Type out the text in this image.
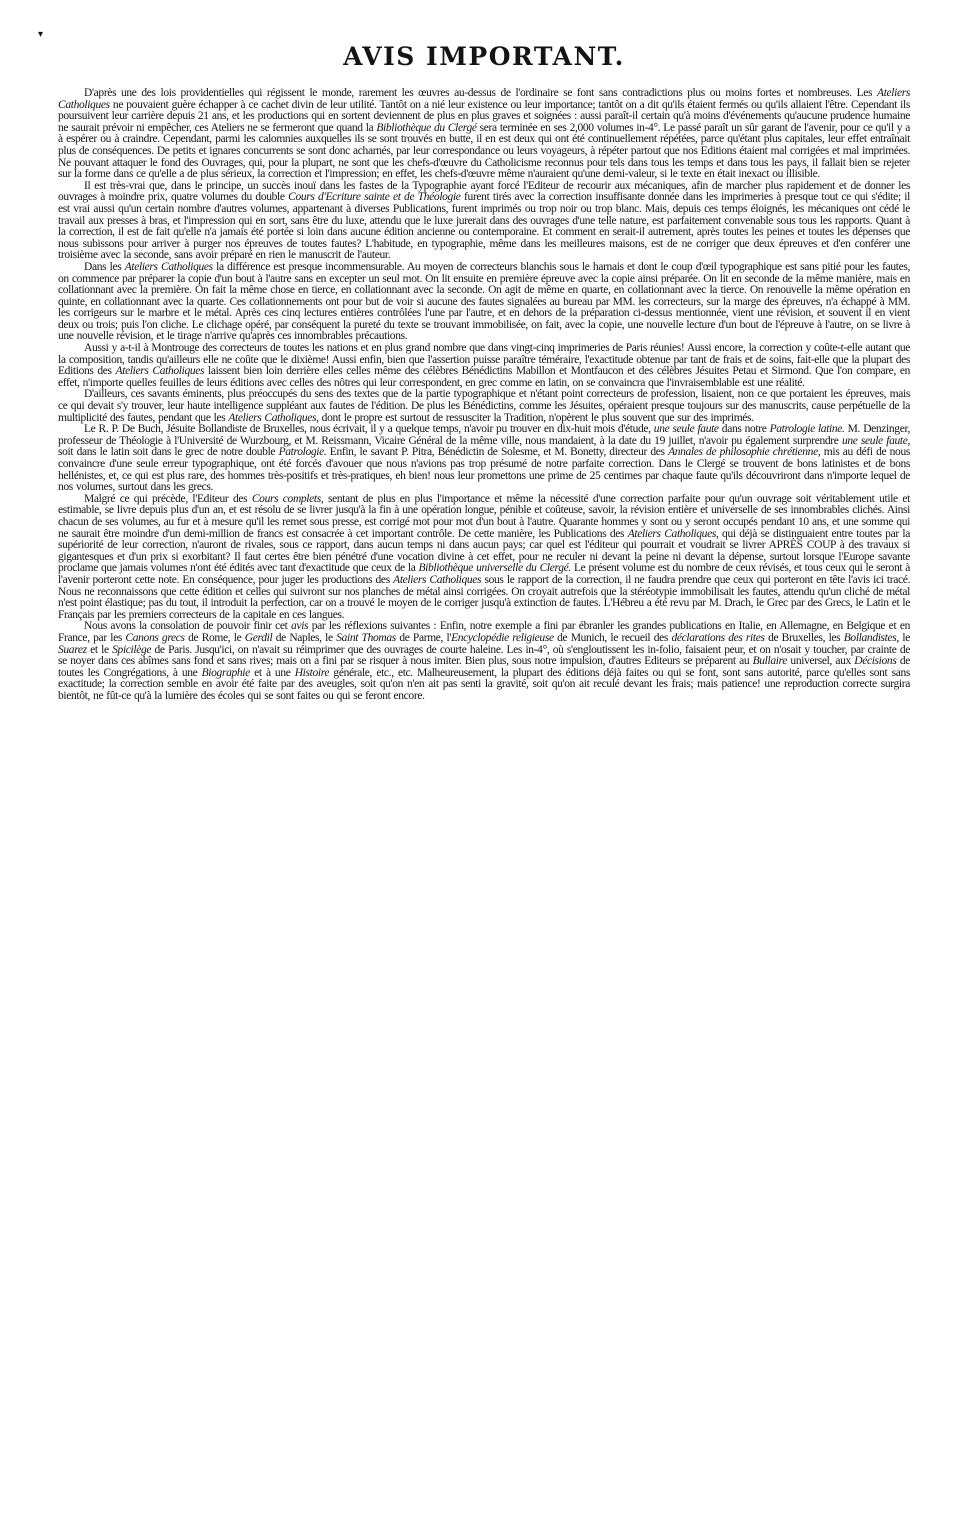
▾
AVIS IMPORTANT.

D'après une des lois providentielles qui régissent le monde, rarement les œuvres au-dessus de l'ordinaire se font sans contradictions plus ou moins fortes et nombreuses. Les Ateliers Catholiques ne pouvaient guère échapper à ce cachet divin de leur utilité. Tantôt on a nié leur existence ou leur importance; tantôt on a dit qu'ils étaient fermés ou qu'ils allaient l'être. Cependant ils poursuivent leur carrière depuis 21 ans, et les productions qui en sortent deviennent de plus en plus graves et soignées : aussi paraît-il certain qu'à moins d'événements qu'aucune prudence humaine ne saurait prévoir ni empêcher, ces Ateliers ne se fermeront que quand la Bibliothèque du Clergé sera terminée en ses 2,000 volumes in-4°. Le passé paraît un sûr garant de l'avenir, pour ce qu'il y a à espérer ou à craindre. Cependant, parmi les calomnies auxquelles ils se sont trouvés en butte, il en est deux qui ont été continuellement répétées, parce qu'étant plus capitales, leur effet entraînait plus de conséquences. De petits et ignares concurrents se sont donc acharnés, par leur correspondance ou leurs voyageurs, à répéter partout que nos Editions étaient mal corrigées et mal imprimées. Ne pouvant attaquer le fond des Ouvrages, qui, pour la plupart, ne sont que les chefs-d'œuvre du Catholicisme reconnus pour tels dans tous les temps et dans tous les pays, il fallait bien se rejeter sur la forme dans ce qu'elle a de plus sérieux, la correction et l'impression; en effet, les chefs-d'œuvre même n'auraient qu'une demi-valeur, si le texte en était inexact ou illisible.

Il est très-vrai que, dans le principe, un succès inouï dans les fastes de la Typographie ayant forcé l'Editeur de recourir aux mécaniques, afin de marcher plus rapidement et de donner les ouvrages à moindre prix, quatre volumes du double Cours d'Ecriture sainte et de Théologie furent tirés avec la correction insuffisante donnée dans les imprimeries à presque tout ce qui s'édite; il est vrai aussi qu'un certain nombre d'autres volumes, appartenant à diverses Publications, furent imprimés ou trop noir ou trop blanc. Mais, depuis ces temps éloignés, les mécaniques ont cédé le travail aux presses à bras, et l'impression qui en sort, sans être du luxe, attendu que le luxe jurerait dans des ouvrages d'une telle nature, est parfaitement convenable sous tous les rapports. Quant à la correction, il est de fait qu'elle n'a jamais été portée si loin dans aucune édition ancienne ou contemporaine. Et comment en serait-il autrement, après toutes les peines et toutes les dépenses que nous subissons pour arriver à purger nos épreuves de toutes fautes? L'habitude, en typographie, même dans les meilleures maisons, est de ne corriger que deux épreuves et d'en conférer une troisième avec la seconde, sans avoir préparé en rien le manuscrit de l'auteur.

Dans les Ateliers Catholiques la différence est presque incommensurable. Au moyen de correcteurs blanchis sous le harnais et dont le coup d'œil typographique est sans pitié pour les fautes, on commence par préparer la copie d'un bout à l'autre sans en excepter un seul mot. On lit ensuite en première épreuve avec la copie ainsi préparée. On lit en seconde de la même manière, mais en collationnant avec la première. On fait la même chose en tierce, en collationnant avec la seconde. On agit de même en quarte, en collationnant avec la tierce. On renouvelle la même opération en quinte, en collationnant avec la quarte. Ces collationnements ont pour but de voir si aucune des fautes signalées au bureau par MM. les correcteurs, sur la marge des épreuves, n'a échappé à MM. les corrigeurs sur le marbre et le métal. Après ces cinq lectures entières contrôlées l'une par l'autre, et en dehors de la préparation ci-dessus mentionnée, vient une révision, et souvent il en vient deux ou trois; puis l'on cliche. Le clichage opéré, par conséquent la pureté du texte se trouvant immobilisée, on fait, avec la copie, une nouvelle lecture d'un bout de l'épreuve à l'autre, on se livre à une nouvelle révision, et le tirage n'arrive qu'après ces innombrables précautions.

Aussi y a-t-il à Montrouge des correcteurs de toutes les nations et en plus grand nombre que dans vingt-cinq imprimeries de Paris réunies! Aussi encore, la correction y coûte-t-elle autant que la composition, tandis qu'ailleurs elle ne coûte que le dixième! Aussi enfin, bien que l'assertion puisse paraître téméraire, l'exactitude obtenue par tant de frais et de soins, fait-elle que la plupart des Editions des Ateliers Catholiques laissent bien loin derrière elles celles même des célèbres Bénédictins Mabillon et Montfaucon et des célèbres Jésuites Petau et Sirmond. Que l'on compare, en effet, n'importe quelles feuilles de leurs éditions avec celles des nôtres qui leur correspondent, en grec comme en latin, on se convaincra que l'invraisemblable est une réalité.

D'ailleurs, ces savants éminents, plus préoccupés du sens des textes que de la partie typographique et n'étant point correcteurs de profession, lisaient, non ce que portaient les épreuves, mais ce qui devait s'y trouver, leur haute intelligence suppléant aux fautes de l'édition. De plus les Bénédictins, comme les Jésuites, opéraient presque toujours sur des manuscrits, cause perpétuelle de la multiplicité des fautes, pendant que les Ateliers Catholiques, dont le propre est surtout de ressusciter la Tradition, n'opèrent le plus souvent que sur des imprimés.

Le R. P. De Buch, Jésuite Bollandiste de Bruxelles, nous écrivait, il y a quelque temps, n'avoir pu trouver en dix-huit mois d'étude, une seule faute dans notre Patrologie latine. M. Denzinger, professeur de Théologie à l'Université de Wurzbourg, et M. Reissmann, Vicaire Général de la même ville, nous mandaient, à la date du 19 juillet, n'avoir pu également surprendre une seule faute, soit dans le latin soit dans le grec de notre double Patrologie. Enfin, le savant P. Pitra, Bénédictin de Solesme, et M. Bonetty, directeur des Annales de philosophie chrétienne, mis au défi de nous convaincre d'une seule erreur typographique, ont été forcés d'avouer que nous n'avions pas trop présumé de notre parfaite correction. Dans le Clergé se trouvent de bons latinistes et de bons hellénistes, et, ce qui est plus rare, des hommes très-positifs et très-pratiques, eh bien! nous leur promettons une prime de 25 centimes par chaque faute qu'ils découvriront dans n'importe lequel de nos volumes, surtout dans les grecs.

Malgré ce qui précède, l'Editeur des Cours complets, sentant de plus en plus l'importance et même la nécessité d'une correction parfaite pour qu'un ouvrage soit véritablement utile et estimable, se livre depuis plus d'un an, et est résolu de se livrer jusqu'à la fin à une opération longue, pénible et coûteuse, savoir, la révision entière et universelle de ses innombrables clichés. Ainsi chacun de ses volumes, au fur et à mesure qu'il les remet sous presse, est corrigé mot pour mot d'un bout à l'autre. Quarante hommes y sont ou y seront occupés pendant 10 ans, et une somme qui ne saurait être moindre d'un demi-million de francs est consacrée à cet important contrôle. De cette manière, les Publications des Ateliers Catholiques, qui déjà se distinguaient entre toutes par la supériorité de leur correction, n'auront de rivales, sous ce rapport, dans aucun temps ni dans aucun pays; car quel est l'éditeur qui pourrait et voudrait se livrer APRÈS COUP à des travaux si gigantesques et d'un prix si exorbitant? Il faut certes être bien pénétré d'une vocation divine à cet effet, pour ne reculer ni devant la peine ni devant la dépense, surtout lorsque l'Europe savante proclame que jamais volumes n'ont été édités avec tant d'exactitude que ceux de la Bibliothèque universelle du Clergé. Le présent volume est du nombre de ceux révisés, et tous ceux qui le seront à l'avenir porteront cette note. En conséquence, pour juger les productions des Ateliers Catholiques sous le rapport de la correction, il ne faudra prendre que ceux qui porteront en tête l'avis ici tracé. Nous ne reconnaissons que cette édition et celles qui suivront sur nos planches de métal ainsi corrigées. On croyait autrefois que la stéréotypie immobilisait les fautes, attendu qu'un cliché de métal n'est point élastique; pas du tout, il introduit la perfection, car on a trouvé le moyen de le corriger jusqu'à extinction de fautes. L'Hébreu a été revu par M. Drach, le Grec par des Grecs, le Latin et le Français par les premiers correcteurs de la capitale en ces langues.

Nous avons la consolation de pouvoir finir cet avis par les réflexions suivantes : Enfin, notre exemple a fini par ébranler les grandes publications en Italie, en Allemagne, en Belgique et en France, par les Canons grecs de Rome, le Gerdil de Naples, le Saint Thomas de Parme, l'Encyclopédie religieuse de Munich, le recueil des déclarations des rites de Bruxelles, les Bollandistes, le Suarez et le Spicilège de Paris. Jusqu'ici, on n'avait su réimprimer que des ouvrages de courte haleine. Les in-4°, où s'engloutissent les in-folio, faisaient peur, et on n'osait y toucher, par crainte de se noyer dans ces abîmes sans fond et sans rives; mais on a fini par se risquer à nous imiter. Bien plus, sous notre impulsion, d'autres Editeurs se préparent au Bullaire universel, aux Décisions de toutes les Congrégations, à une Biographie et à une Histoire générale, etc., etc. Malheureusement, la plupart des éditions déjà faites ou qui se font, sont sans autorité, parce qu'elles sont sans exactitude; la correction semble en avoir été faite par des aveugles, soit qu'on n'en ait pas senti la gravité, soit qu'on ait reculé devant les frais; mais patience! une reproduction correcte surgira bientôt, ne fût-ce qu'à la lumière des écoles qui se sont faites ou qui se feront encore.
